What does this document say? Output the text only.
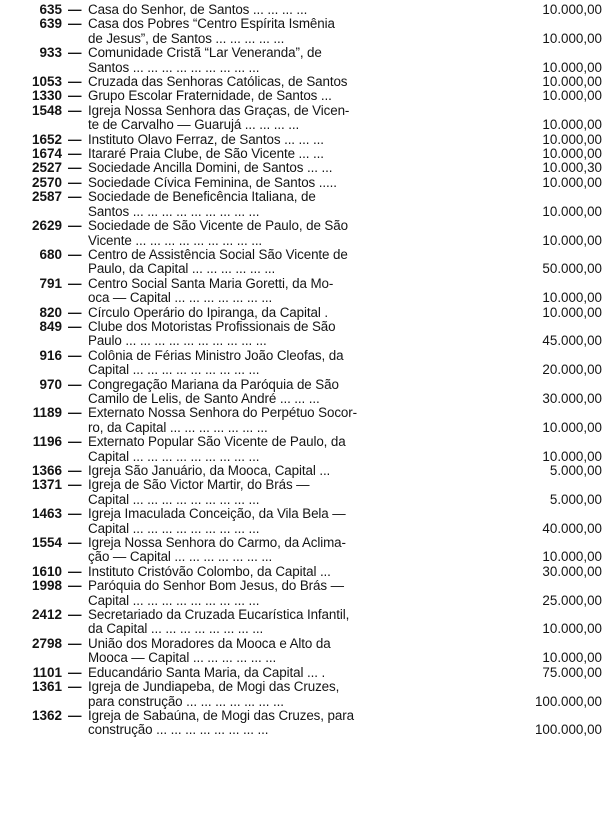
635 — Casa do Senhor, de Santos ... ... ... ...	10.000,00
639 — Casa dos Pobres “Centro Espírita Ismênia
de Jesus”, de Santos ... ... ... ... ...	10.000,00
933 — Comunidade Cristã “Lar Veneranda”, de
Santos ... ... ... ... ... ... ... ... ...	10.000,00
1053 — Cruzada das Senhoras Católicas, de Santos	10.000,00
1330 — Grupo Escolar Fraternidade, de Santos ...	10.000,00
1548 — Igreja Nossa Senhora das Graças, de Vicen-
te de Carvalho — Guarujá ... ... ... ...	10.000,00
1652 — Instituto Olavo Ferraz, de Santos ... ... ...	10.000,00
1674 — Itararé Praia Clube, de São Vicente ... ...	10.000,00
2527 — Sociedade Ancilla Domini, de Santos ... ...	10.000,30
2570 — Sociedade Cívica Feminina, de Santos .....	10.000,00
2587 — Sociedade de Beneficência Italiana, de
Santos ... ... ... ... ... ... ... ... ...	10.000,00
2629 — Sociedade de São Vicente de Paulo, de São
Vicente ... ... ... ... ... ... ... ... ...	10.000,00
680 — Centro de Assistência Social São Vicente de
Paulo, da Capital ... ... ... ... ... ...	50.000,00
791 — Centro Social Santa Maria Goretti, da Mo-
oca — Capital ... ... ... ... ... ... ...	10.000,00
820 — Círculo Operário do Ipiranga, da Capital .	10.000,00
849 — Clube dos Motoristas Profissionais de São
Paulo ... ... ... ... ... ... ... ... ... ...	45.000,00
916 — Colônia de Férias Ministro João Cleofas, da
Capital ... ... ... ... ... ... ... ... ...	20.000,00
970 — Congregação Mariana da Paróquia de São
Camilo de Lelis, de Santo André ... ... ...	30.000,00
1189 — Externato Nossa Senhora do Perpétuo Socor-
ro, da Capital ... ... ... ... ... ... ...	10.000,00
1196 — Externato Popular São Vicente de Paulo, da
Capital ... ... ... ... ... ... ... ... ...	10.000,00
1366 — Igreja São Januário, da Mooca, Capital ...	5.000,00
1371 — Igreja de São Victor Martir, do Brás —
Capital ... ... ... ... ... ... ... ... ...	5.000,00
1463 — Igreja Imaculada Conceição, da Vila Bela —
Capital ... ... ... ... ... ... ... ... ...	40.000,00
1554 — Igreja Nossa Senhora do Carmo, da Aclima-
ção — Capital ... ... ... ... ... ... ...	10.000,00
1610 — Instituto Cristóvão Colombo, da Capital ...	30.000,00
1998 — Paróquia do Senhor Bom Jesus, do Brás —
Capital ... ... ... ... ... ... ... ... ...	25.000,00
2412 — Secretariado da Cruzada Eucarística Infantil,
da Capital ... ... ... ... ... ... ... ...	10.000,00
2798 — União dos Moradores da Mooca e Alto da
Mooca — Capital ... ... ... ... ... ...	10.000,00
1101 — Educandário Santa Maria, da Capital ... .	75.000,00
1361 — Igreja de Jundiapeba, de Mogi das Cruzes,
para construção ... ... ... ... ... ... ...	100.000,00
1362 — Igreja de Sabaúna, de Mogi das Cruzes, para
construção ... ... ... ... ... ... ... ...	100.000,00
